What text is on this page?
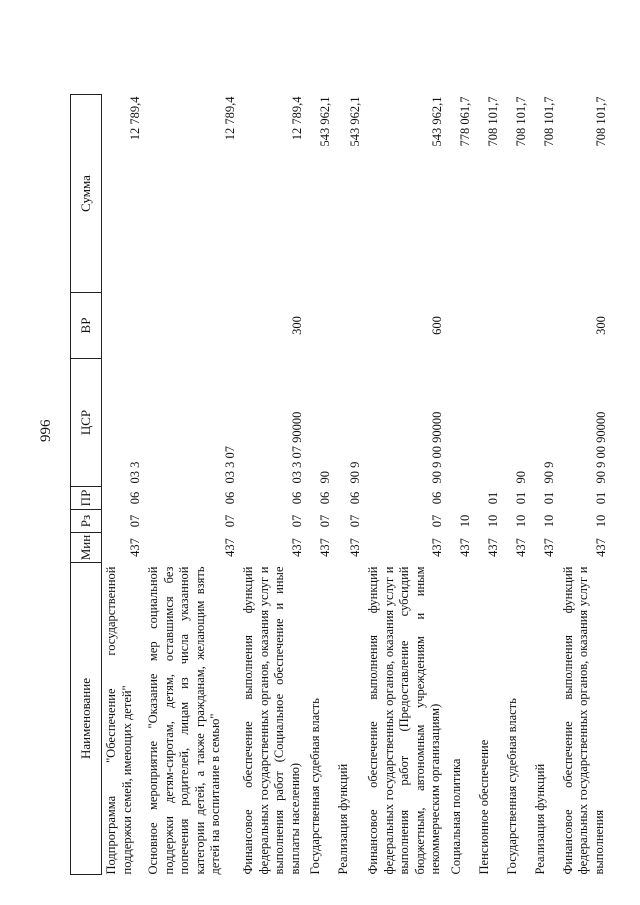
996
Наименование	Мин	Рз	ПР	ЦСР	ВР	Сумма
Подпрограмма "Обеспечение государственной поддержки семей, имеющих детей"	437	07	06	03 3		12 789,4
Основное мероприятие "Оказание мер социальной поддержки детям-сиротам, детям, оставшимся без попечения родителей, лицам из числа указанной категории детей, а также гражданам, желающим взять детей на воспитание в семью"	437	07	06	03 3 07		12 789,4
Финансовое обеспечение выполнения функций федеральных государственных органов, оказания услуг и выполнения работ (Социальное обеспечение и иные выплаты населению)	437	07	06	03 3 07 90000	300	12 789,4
Государственная судебная власть	437	07	06	90		543 962,1
Реализация функций	437	07	06	90 9		543 962,1
Финансовое обеспечение выполнения функций федеральных государственных органов, оказания услуг и выполнения работ (Предоставление субсидий бюджетным, автономным учреждениям и иным некоммерческим организациям)	437	07	06	90 9 00 90000	600	543 962,1
Социальная политика	437	10				778 061,7
Пенсионное обеспечение	437	10	01			708 101,7
Государственная судебная власть	437	10	01	90		708 101,7
Реализация функций	437	10	01	90 9		708 101,7
Финансовое обеспечение выполнения функций федеральных государственных органов, оказания услуг и выполнения	437	10	01	90 9 00 90000	300	708 101,7
